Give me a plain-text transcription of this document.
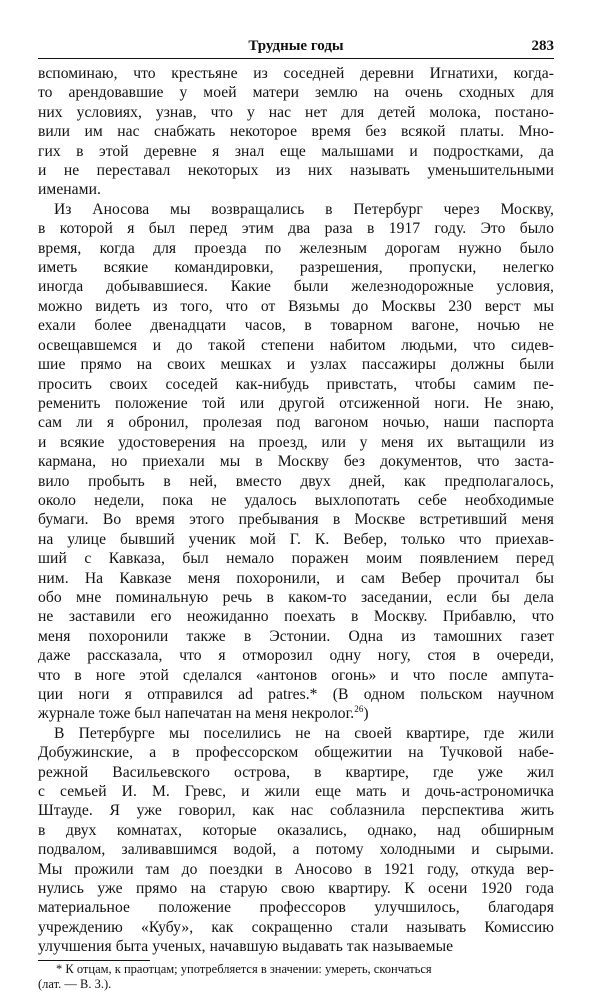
Трудные годы	283

вспоминаю, что крестьяне из соседней деревни Игнатихи, когда-
то арендовавшие у моей матери землю на очень сходных для
них условиях, узнав, что у нас нет для детей молока, постано-
вили им нас снабжать некоторое время без всякой платы. Мно-
гих в этой деревне я знал еще малышами и подростками, да
и не переставал некоторых из них называть уменьшительными
именами.

Из Аносова мы возвращались в Петербург через Москву,
в которой я был перед этим два раза в 1917 году. Это было
время, когда для проезда по железным дорогам нужно было
иметь всякие командировки, разрешения, пропуски, нелегко
иногда добывавшиеся. Какие были железнодорожные условия,
можно видеть из того, что от Вязьмы до Москвы 230 верст мы
ехали более двенадцати часов, в товарном вагоне, ночью не
освещавшемся и до такой степени набитом людьми, что сидев-
шие прямо на своих мешках и узлах пассажиры должны были
просить своих соседей как-нибудь привстать, чтобы самим пе-
ременить положение той или другой отсиженной ноги. Не знаю,
сам ли я обронил, пролезая под вагоном ночью, наши паспорта
и всякие удостоверения на проезд, или у меня их вытащили из
кармана, но приехали мы в Москву без документов, что заста-
вило пробыть в ней, вместо двух дней, как предполагалось,
около недели, пока не удалось выхлопотать себе необходимые
бумаги. Во время этого пребывания в Москве встретивший меня
на улице бывший ученик мой Г. К. Вебер, только что приехав-
ший с Кавказа, был немало поражен моим появлением перед
ним. На Кавказе меня похоронили, и сам Вебер прочитал бы
обо мне поминальную речь в каком-то заседании, если бы дела
не заставили его неожиданно поехать в Москву. Прибавлю, что
меня похоронили также в Эстонии. Одна из тамошних газет
даже рассказала, что я отморозил одну ногу, стоя в очереди,
что в ноге этой сделался «антонов огонь» и что после ампута-
ции ноги я отправился ad patres.* (В одном польском научном
журнале тоже был напечатан на меня некролог.$^{26}$)

В Петербурге мы поселились не на своей квартире, где жили
Добужинские, а в профессорском общежитии на Тучковой набе-
режной Васильевского острова, в квартире, где уже жил
с семьей И. М. Гревс, и жили еще мать и дочь-астрономичка
Штауде. Я уже говорил, как нас соблазнила перспектива жить
в двух комнатах, которые оказались, однако, над обширным
подвалом, заливавшимся водой, а потому холодными и сырыми.
Мы прожили там до поездки в Аносово в 1921 году, откуда вер-
нулись уже прямо на старую свою квартиру. К осени 1920 года
материальное положение профессоров улучшилось, благодаря
учреждению «Кубу», как сокращенно стали называть Комиссию
улучшения быта ученых, начавшую выдавать так называемые

* К отцам, к праотцам; употребляется в значении: умереть, скончаться
(лат. — В. З.).
